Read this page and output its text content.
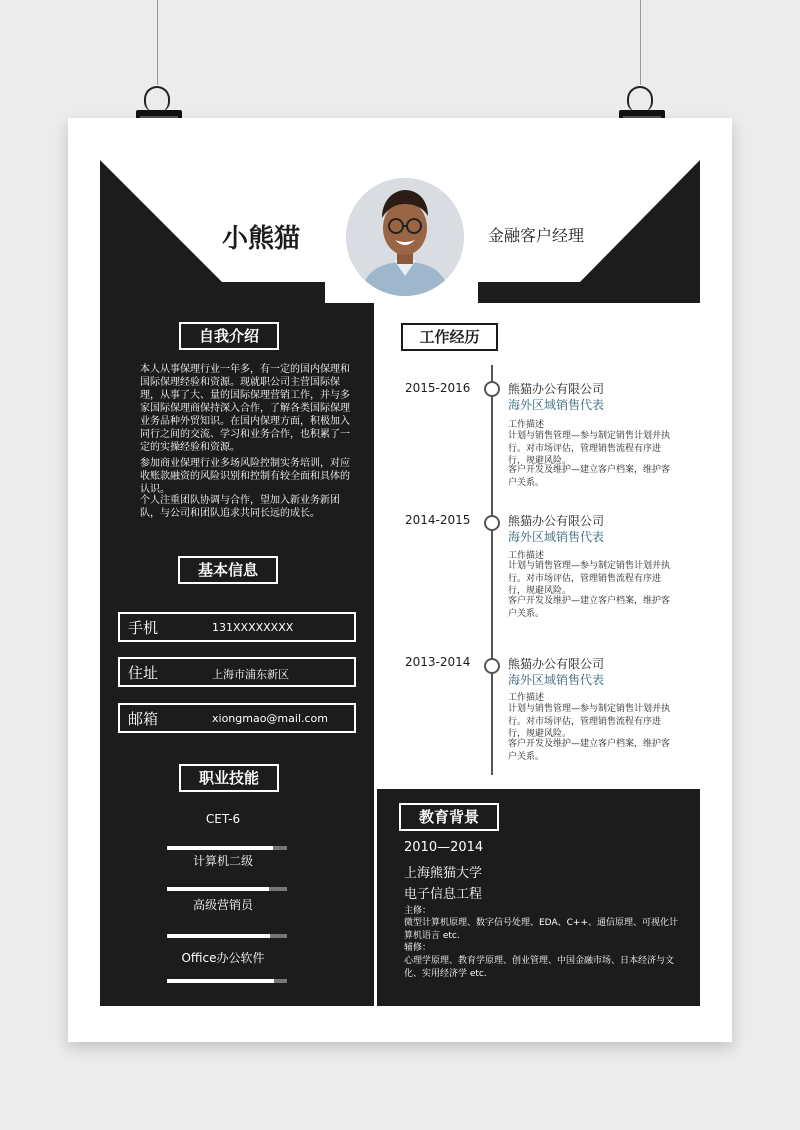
小熊猫	金融客户经理
自我介绍
本人从事保理行业一年多，有一定的国内保理和国际保理经验和资源。现就职公司主营国际保理，从事了大、量的国际保理营销工作，并与多家国际保理商保持深入合作，了解各类国际保理业务品种外贸知识。在国内保理方面，积极加入同行之间的交流、学习和业务合作，也积累了一定的实操经验和资源。
参加商业保理行业多场风险控制实务培训，对应收账款融资的风险识别和控制有较全面和具体的认识。
个人注重团队协调与合作，望加入新业务新团队，与公司和团队追求共同长远的成长。
基本信息
手机	131XXXXXXXX
住址	上海市浦东新区
邮箱	xiongmao@mail.com
职业技能
CET-6
计算机二级
高级营销员
Office办公软件
工作经历
2015-2016	熊猫办公有限公司
海外区域销售代表
工作描述
计划与销售管理—参与制定销售计划并执行。对市场评估，管理销售流程有序进行，规避风险。
客户开发及维护—建立客户档案，维护客户关系。
2014-2015	熊猫办公有限公司
海外区域销售代表
工作描述
计划与销售管理—参与制定销售计划并执行。对市场评估，管理销售流程有序进行，规避风险。
客户开发及维护—建立客户档案，维护客户关系。
2013-2014	熊猫办公有限公司
海外区域销售代表
工作描述
计划与销售管理—参与制定销售计划并执行。对市场评估，管理销售流程有序进行，规避风险。
客户开发及维护—建立客户档案，维护客户关系。
教育背景
2010—2014
上海熊猫大学
电子信息工程
主修：
微型计算机原理、数字信号处理、EDA、C++、通信原理、可视化计算机语言 etc.
辅修：
心理学原理、教育学原理、创业管理、中国金融市场、日本经济与文化、实用经济学 etc.
